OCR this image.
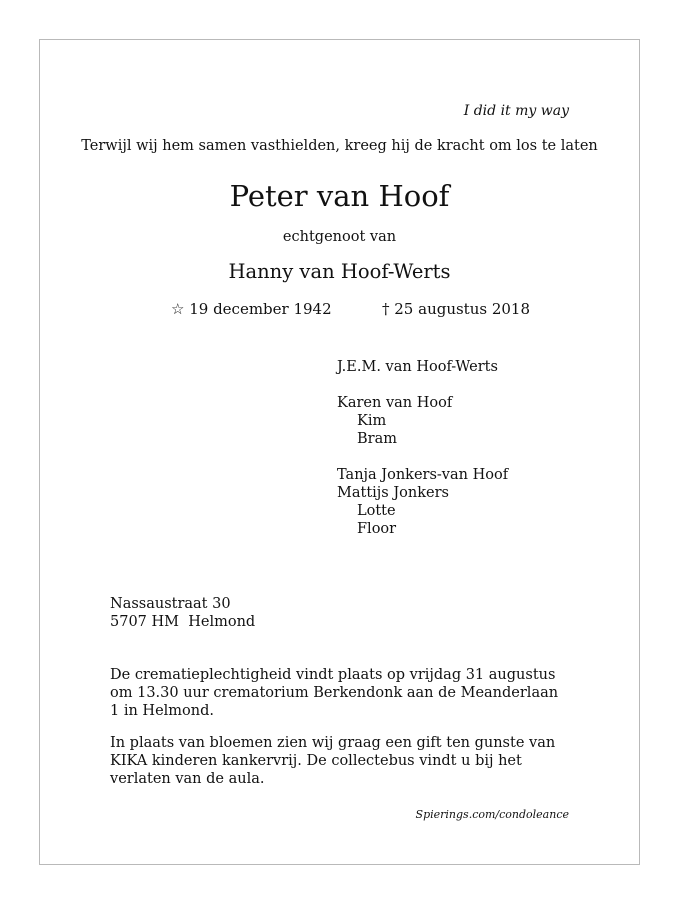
I did it my way
Terwijl wij hem samen vasthielden, kreeg hij de kracht om los te laten
Peter van Hoof
echtgenoot van
Hanny van Hoof-Werts
☆ 19 december 1942	† 25 augustus 2018
J.E.M. van Hoof-Werts
Karen van Hoof
Kim
Bram
Tanja Jonkers-van Hoof
Mattijs Jonkers
Lotte
Floor
Nassaustraat 30
5707 HM  Helmond
De crematieplechtigheid vindt plaats op vrijdag 31 augustus om 13.30 uur crematorium Berkendonk aan de Meanderlaan 1 in Helmond.
In plaats van bloemen zien wij graag een gift ten gunste van KIKA kinderen kankervrij. De collectebus vindt u bij het verlaten van de aula.
Spierings.com/condoleance
